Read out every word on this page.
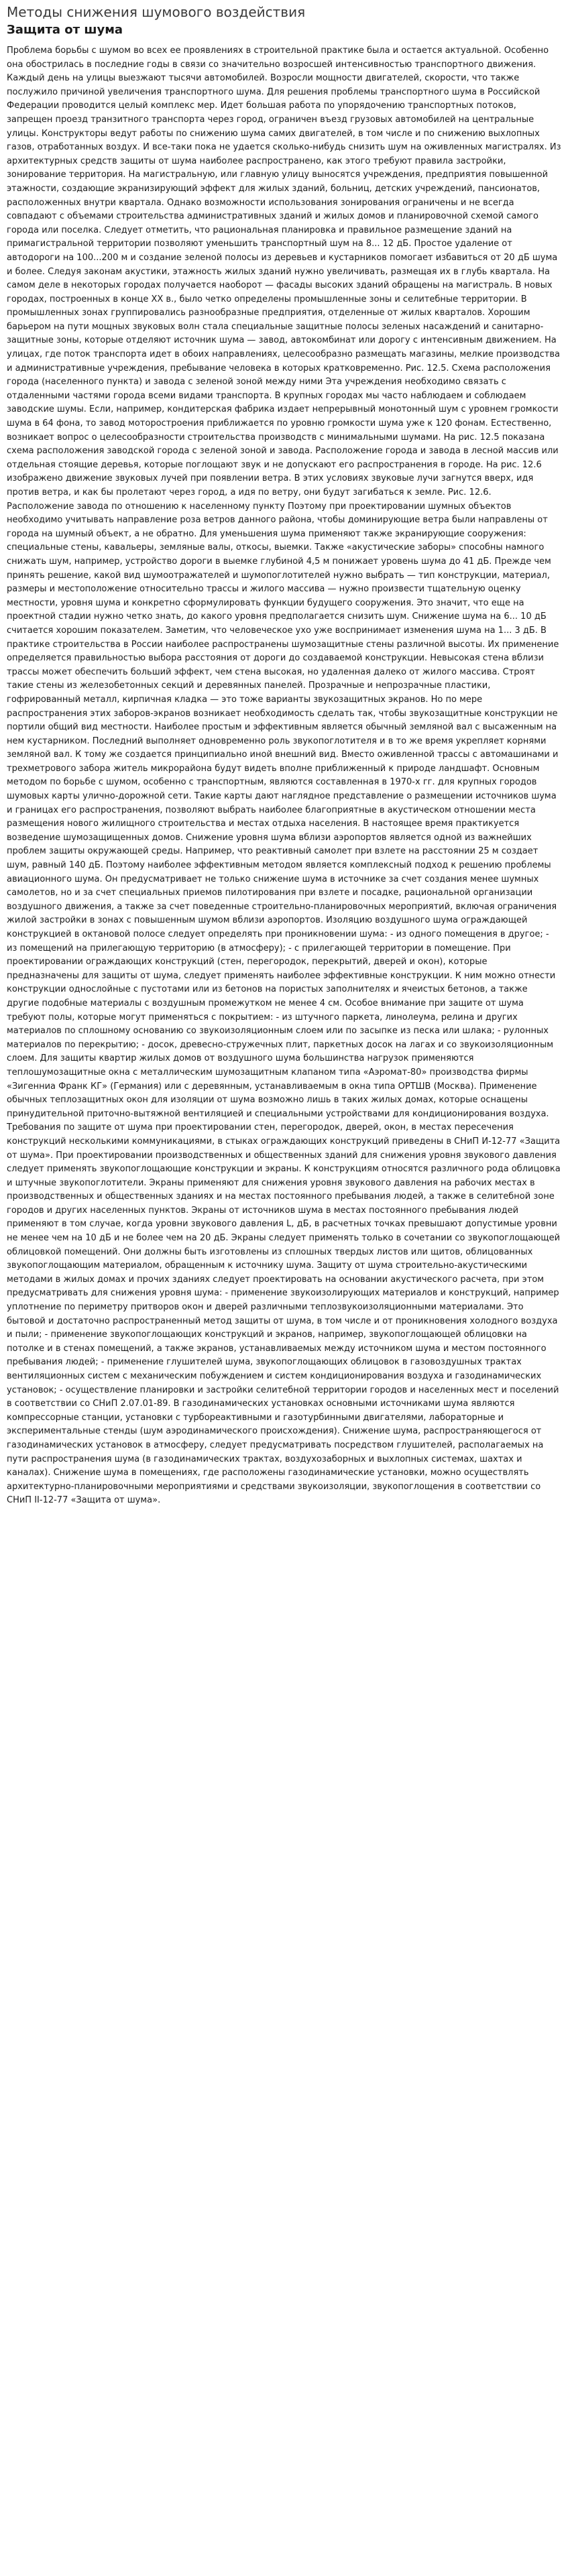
Методы снижения шумового воздействия
Защита от шума

Проблема борьбы с шумом во всех ее проявлениях в строительной практике была и остается актуальной. Особенно она обострилась в последние годы в связи со значительно возросшей интенсивностью транспортного движения. Каждый день на улицы выезжают тысячи автомобилей. Возросли мощности двигателей, скорости, что также послужило причиной увеличения транспортного шума. Для решения проблемы транспортного шума в Российской Федерации проводится целый комплекс мер. Идет большая работа по упорядочению транспортных потоков, запрещен проезд транзитного транспорта через город, ограничен въезд грузовых автомобилей на центральные улицы. Конструкторы ведут работы по снижению шума самих двигателей, в том числе и по снижению выхлопных газов, отработанных воздух. И все-таки пока не удается сколько-нибудь снизить шум на оживленных магистралях. Из архитектурных средств защиты от шума наиболее распространено, как этого требуют правила застройки, зонирование территория. На магистральную, или главную улицу выносятся учреждения, предприятия повышенной этажности, создающие экранизирующий эффект для жилых зданий, больниц, детских учреждений, пансионатов, расположенных внутри квартала. Однако возможности использования зонирования ограничены и не всегда совпадают с объемами строительства административных зданий и жилых домов и планировочной схемой самого города или поселка. Следует отметить, что рациональная планировка и правильное размещение зданий на примагистральной территории позволяют уменьшить транспортный шум на 8... 12 дБ. Простое удаление от автодороги на 100...200 м и создание зеленой полосы из деревьев и кустарников помогает избавиться от 20 дБ шума и более. Следуя законам акустики, этажность жилых зданий нужно увеличивать, размещая их в глубь квартала. На самом деле в некоторых городах получается наоборот — фасады высоких зданий обращены на магистраль. В новых городах, построенных в конце XX в., было четко определены промышленные зоны и селитебные территории. В промышленных зонах группировались разнообразные предприятия, отделенные от жилых кварталов. Хорошим барьером на пути мощных звуковых волн стала специальные защитные полосы зеленых насаждений и санитарно-защитные зоны, которые отделяют источник шума — завод, автокомбинат или дорогу с интенсивным движением. На улицах, где поток транспорта идет в обоих направлениях, целесообразно размещать магазины, мелкие производства и административные учреждения, пребывание человека в которых кратковременно. Рис. 12.5. Схема расположения города (населенного пункта) и завода с зеленой зоной между ними Эта учреждения необходимо связать с отдаленными частями города всеми видами транспорта. В крупных городах мы часто наблюдаем и соблюдаем заводские шумы. Если, например, кондитерская фабрика издает непрерывный монотонный шум с уровнем громкости шума в 64 фона, то завод моторостроения приближается по уровню громкости шума уже к 120 фонам. Естественно, возникает вопрос о целесообразности строительства производств с минимальными шумами. На рис. 12.5 показана схема расположения заводской города с зеленой зоной и завода. Расположение города и завода в лесной массив или отдельная стоящие деревья, которые поглощают звук и не допускают его распространения в городе. На рис. 12.6 изображено движение звуковых лучей при появлении ветра. В этих условиях звуковые лучи загнутся вверх, идя против ветра, и как бы пролетают через город, а идя по ветру, они будут загибаться к земле. Рис. 12.6. Расположение завода по отношению к населенному пункту Поэтому при проектировании шумных объектов необходимо учитывать направление роза ветров данного района, чтобы доминирующие ветра были направлены от города на шумный объект, а не обратно. Для уменьшения шума применяют также экранирующие сооружения: специальные стены, кавальеры, земляные валы, откосы, выемки. Также «акустические заборы» способны намного снижать шум, например, устройство дороги в выемке глубиной 4,5 м понижает уровень шума до 41 дБ. Прежде чем принять решение, какой вид шумоотражателей и шумопоглотителей нужно выбрать — тип конструкции, материал, размеры и местоположение относительно трассы и жилого массива — нужно произвести тщательную оценку местности, уровня шума и конкретно сформулировать функции будущего сооружения. Это значит, что еще на проектной стадии нужно четко знать, до какого уровня предполагается снизить шум. Снижение шума на 6... 10 дБ считается хорошим показателем. Заметим, что человеческое ухо уже воспринимает изменения шума на 1... 3 дБ. В практике строительства в России наиболее распространены шумозащитные стены различной высоты. Их применение определяется правильностью выбора расстояния от дороги до создаваемой конструкции. Невысокая стена вблизи трассы может обеспечить больший эффект, чем стена высокая, но удаленная далеко от жилого массива. Строят такие стены из железобетонных секций и деревянных панелей. Прозрачные и непрозрачные пластики, гофрированный металл, кирпичная кладка — это тоже варианты звукозащитных экранов. Но по мере распространения этих заборов-экранов возникает необходимость сделать так, чтобы звукозащитные конструкции не портили общий вид местности. Наиболее простым и эффективным является обычный земляной вал с высаженным на нем кустарником. Последний выполняет одновременно роль звукопоглотителя и в то же время укрепляет корнями земляной вал. К тому же создается принципиально иной внешний вид. Вместо оживленной трассы с автомашинами и трехметрового забора житель микрорайона будут видеть вполне приближенный к природе ландшафт. Основным методом по борьбе с шумом, особенно с транспортным, являются составленная в 1970-х гг. для крупных городов шумовых карты улично-дорожной сети. Такие карты дают наглядное представление о размещении источников шума и границах его распространения, позволяют выбрать наиболее благоприятные в акустическом отношении места размещения нового жилищного строительства и местах отдыха населения. В настоящее время практикуется возведение шумозащищенных домов. Снижение уровня шума вблизи аэропортов является одной из важнейших проблем защиты окружающей среды. Например, что реактивный самолет при взлете на расстоянии 25 м создает шум, равный 140 дБ. Поэтому наиболее эффективным методом является комплексный подход к решению проблемы авиационного шума. Он предусматривает не только снижение шума в источнике за счет создания менее шумных самолетов, но и за счет специальных приемов пилотирования при взлете и посадке, рациональной организации воздушного движения, а также за счет поведенные строительно-планировочных мероприятий, включая ограничения жилой застройки в зонах с повышенным шумом вблизи аэропортов. Изоляцию воздушного шума ограждающей конструкцией в октановой полосе следует определять при проникновении шума: - из одного помещения в другое; - из помещений на прилегающую территорию (в атмосферу); - с прилегающей территории в помещение. При проектировании ограждающих конструкций (стен, перегородок, перекрытий, дверей и окон), которые предназначены для защиты от шума, следует применять наиболее эффективные конструкции. К ним можно отнести конструкции однослойные с пустотами или из бетонов на пористых заполнителях и ячеистых бетонов, а также другие подобные материалы с воздушным промежутком не менее 4 см. Особое внимание при защите от шума требуют полы, которые могут применяться с покрытием: - из штучного паркета, линолеума, релина и других материалов по сплошному основанию со звукоизоляционным слоем или по засыпке из песка или шлака; - рулонных материалов по перекрытию; - досок, древесно-стружечных плит, паркетных досок на лагах и со звукоизоляционным слоем. Для защиты квартир жилых домов от воздушного шума большинства нагрузок применяются теплошумозащитные окна с металлическим шумозащитным клапаном типа «Аэромат-80» производства фирмы «Зигенниа Франк КГ» (Германия) или с деревянным, устанавливаемым в окна типа ОРТШВ (Москва). Применение обычных теплозащитных окон для изоляции от шума возможно лишь в таких жилых домах, которые оснащены принудительной приточно-вытяжной вентиляцией и специальными устройствами для кондиционирования воздуха. Требования по защите от шума при проектировании стен, перегородок, дверей, окон, в местах пересечения конструкций несколькими коммуникациями, в стыках ограждающих конструкций приведены в СНиП И-12-77 «Защита от шума». При проектировании производственных и общественных зданий для снижения уровня звукового давления следует применять звукопоглощающие конструкции и экраны. К конструкциям относятся различного рода облицовка и штучные звукопоглотители. Экраны применяют для снижения уровня звукового давления на рабочих местах в производственных и общественных зданиях и на местах постоянного пребывания людей, а также в селитебной зоне городов и других населенных пунктов. Экраны от источников шума в местах постоянного пребывания людей применяют в том случае, когда уровни звукового давления L, дБ, в расчетных точках превышают допустимые уровни не менее чем на 10 дБ и не более чем на 20 дБ. Экраны следует применять только в сочетании со звукопоглощающей облицовкой помещений. Они должны быть изготовлены из сплошных твердых листов или щитов, облицованных звукопоглощающим материалом, обращенным к источнику шума. Защиту от шума строительно-акустическими методами в жилых домах и прочих зданиях следует проектировать на основании акустического расчета, при этом предусматривать для снижения уровня шума: - применение звукоизолирующих материалов и конструкций, например уплотнение по периметру притворов окон и дверей различными теплозвукоизоляционными материалами. Это бытовой и достаточно распространенный метод защиты от шума, в том числе и от проникновения холодного воздуха и пыли; - применение звукопоглощающих конструкций и экранов, например, звукопоглощающей облицовки на потолке и в стенах помещений, а также экранов, устанавливаемых между источником шума и местом постоянного пребывания людей; - применение глушителей шума, звукопоглощающих облицовок в газовоздушных трактах вентиляционных систем с механическим побуждением и систем кондиционирования воздуха и газодинамических установок; - осуществление планировки и застройки селитебной территории городов и населенных мест и поселений в соответствии со СНиП 2.07.01-89. В газодинамических установках основными источниками шума являются компрессорные станции, установки с турбореактивными и газотурбинными двигателями, лабораторные и экспериментальные стенды (шум аэродинамического происхождения). Снижение шума, распространяющегося от газодинамических установок в атмосферу, следует предусматривать посредством глушителей, располагаемых на пути распространения шума (в газодинамических трактах, воздухозаборных и выхлопных системах, шахтах и каналах). Снижение шума в помещениях, где расположены газодинамические установки, можно осуществлять архитектурно-планировочными мероприятиями и средствами звукоизоляции, звукопоглощения в соответствии со СНиП II-12-77 «Защита от шума».
